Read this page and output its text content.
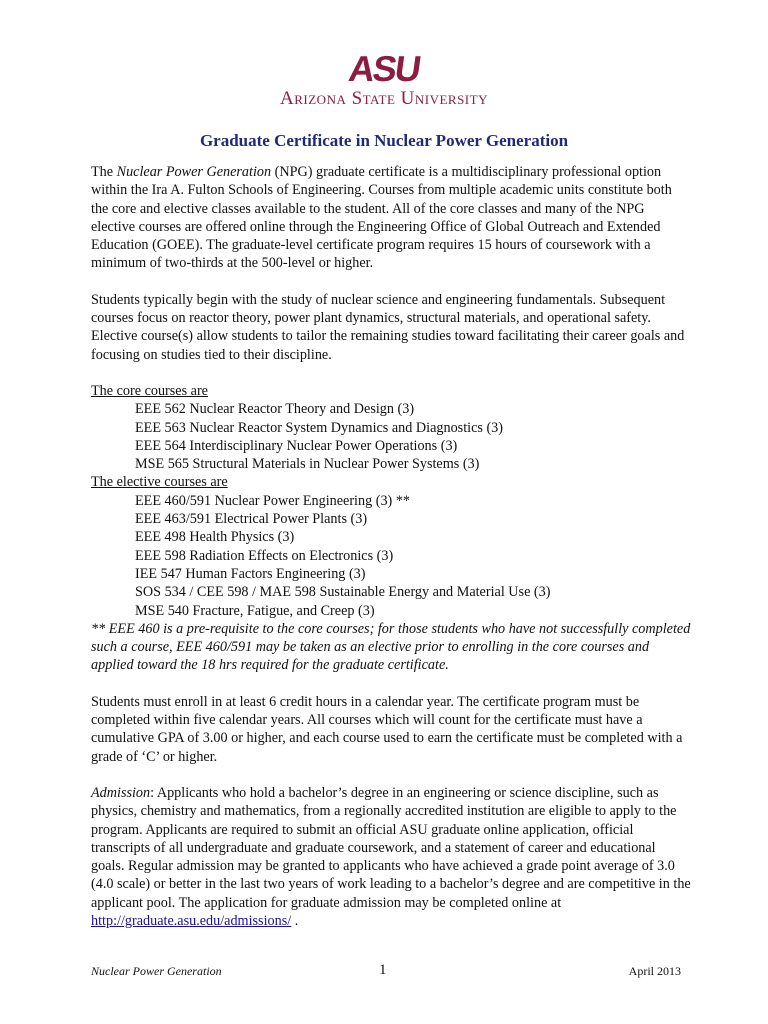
ASU
Arizona State University
Graduate Certificate in Nuclear Power Generation

The Nuclear Power Generation (NPG) graduate certificate is a multidisciplinary professional option within the Ira A. Fulton Schools of Engineering. Courses from multiple academic units constitute both the core and elective classes available to the student. All of the core classes and many of the NPG elective courses are offered online through the Engineering Office of Global Outreach and Extended Education (GOEE). The graduate-level certificate program requires 15 hours of coursework with a minimum of two-thirds at the 500-level or higher.

Students typically begin with the study of nuclear science and engineering fundamentals. Subsequent courses focus on reactor theory, power plant dynamics, structural materials, and operational safety. Elective course(s) allow students to tailor the remaining studies toward facilitating their career goals and focusing on studies tied to their discipline.

The core courses are

EEE 562 Nuclear Reactor Theory and Design (3)

EEE 563 Nuclear Reactor System Dynamics and Diagnostics (3)

EEE 564 Interdisciplinary Nuclear Power Operations (3)

MSE 565 Structural Materials in Nuclear Power Systems (3)

The elective courses are

EEE 460/591 Nuclear Power Engineering (3) **

EEE 463/591 Electrical Power Plants (3)

EEE 498 Health Physics (3)

EEE 598 Radiation Effects on Electronics (3)

IEE 547 Human Factors Engineering (3)

SOS 534 / CEE 598 / MAE 598 Sustainable Energy and Material Use (3)

MSE 540 Fracture, Fatigue, and Creep (3)

** EEE 460 is a pre-requisite to the core courses; for those students who have not successfully completed such a course, EEE 460/591 may be taken as an elective prior to enrolling in the core courses and applied toward the 18 hrs required for the graduate certificate.

Students must enroll in at least 6 credit hours in a calendar year. The certificate program must be completed within five calendar years. All courses which will count for the certificate must have a cumulative GPA of 3.00 or higher, and each course used to earn the certificate must be completed with a grade of ‘C’ or higher.

Admission: Applicants who hold a bachelor’s degree in an engineering or science discipline, such as physics, chemistry and mathematics, from a regionally accredited institution are eligible to apply to the program. Applicants are required to submit an official ASU graduate online application, official transcripts of all undergraduate and graduate coursework, and a statement of career and educational goals. Regular admission may be granted to applicants who have achieved a grade point average of 3.0 (4.0 scale) or better in the last two years of work leading to a bachelor’s degree and are competitive in the applicant pool. The application for graduate admission may be completed online at http://graduate.asu.edu/admissions/ .

Nuclear Power Generation	1	April 2013
